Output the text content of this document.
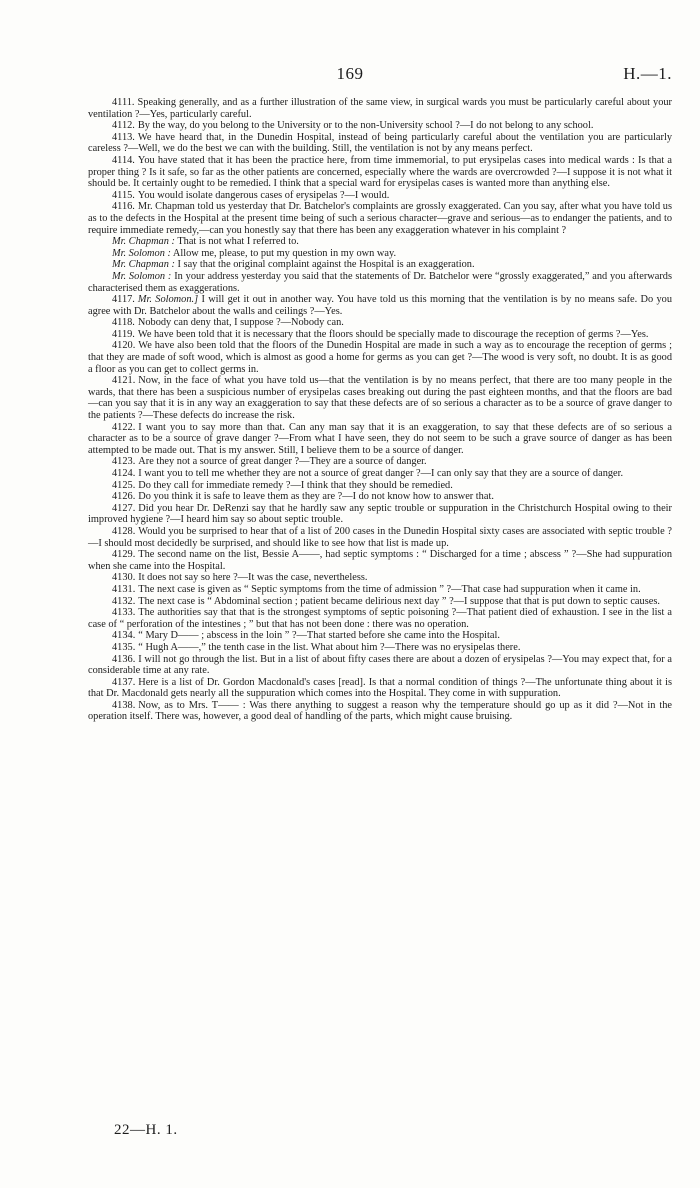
169	H.—1.

4111. Speaking generally, and as a further illustration of the same view, in surgical wards you must be particularly careful about your ventilation ?—Yes, particularly careful.

4112. By the way, do you belong to the University or to the non-University school ?—I do not belong to any school.

4113. We have heard that, in the Dunedin Hospital, instead of being particularly careful about the ventilation you are particularly careless ?—Well, we do the best we can with the building. Still, the ventilation is not by any means perfect.

4114. You have stated that it has been the practice here, from time immemorial, to put erysipelas cases into medical wards : Is that a proper thing ? Is it safe, so far as the other patients are concerned, especially where the wards are overcrowded ?—I suppose it is not what it should be. It certainly ought to be remedied. I think that a special ward for erysipelas cases is wanted more than anything else.

4115. You would isolate dangerous cases of erysipelas ?—I would.

4116. Mr. Chapman told us yesterday that Dr. Batchelor's complaints are grossly exaggerated. Can you say, after what you have told us as to the defects in the Hospital at the present time being of such a serious character—grave and serious—as to endanger the patients, and to require immediate remedy,—can you honestly say that there has been any exaggeration whatever in his complaint ?

Mr. Chapman : That is not what I referred to.

Mr. Solomon : Allow me, please, to put my question in my own way.

Mr. Chapman : I say that the original complaint against the Hospital is an exaggeration.

Mr. Solomon : In your address yesterday you said that the statements of Dr. Batchelor were “grossly exaggerated,” and you afterwards characterised them as exaggerations.

4117. Mr. Solomon.] I will get it out in another way. You have told us this morning that the ventilation is by no means safe. Do you agree with Dr. Batchelor about the walls and ceilings ?—Yes.

4118. Nobody can deny that, I suppose ?—Nobody can.

4119. We have been told that it is necessary that the floors should be specially made to discourage the reception of germs ?—Yes.

4120. We have also been told that the floors of the Dunedin Hospital are made in such a way as to encourage the reception of germs ; that they are made of soft wood, which is almost as good a home for germs as you can get ?—The wood is very soft, no doubt. It is as good a floor as you can get to collect germs in.

4121. Now, in the face of what you have told us—that the ventilation is by no means perfect, that there are too many people in the wards, that there has been a suspicious number of erysipelas cases breaking out during the past eighteen months, and that the floors are bad—can you say that it is in any way an exaggeration to say that these defects are of so serious a character as to be a source of grave danger to the patients ?—These defects do increase the risk.

4122. I want you to say more than that. Can any man say that it is an exaggeration, to say that these defects are of so serious a character as to be a source of grave danger ?—From what I have seen, they do not seem to be such a grave source of danger as has been attempted to be made out. That is my answer. Still, I believe them to be a source of danger.

4123. Are they not a source of great danger ?—They are a source of danger.

4124. I want you to tell me whether they are not a source of great danger ?—I can only say that they are a source of danger.

4125. Do they call for immediate remedy ?—I think that they should be remedied.

4126. Do you think it is safe to leave them as they are ?—I do not know how to answer that.

4127. Did you hear Dr. DeRenzi say that he hardly saw any septic trouble or suppuration in the Christchurch Hospital owing to their improved hygiene ?—I heard him say so about septic trouble.

4128. Would you be surprised to hear that of a list of 200 cases in the Dunedin Hospital sixty cases are associated with septic trouble ?—I should most decidedly be surprised, and should like to see how that list is made up.

4129. The second name on the list, Bessie A——, had septic symptoms : “ Discharged for a time ; abscess ” ?—She had suppuration when she came into the Hospital.

4130. It does not say so here ?—It was the case, nevertheless.

4131. The next case is given as “ Septic symptoms from the time of admission ” ?—That case had suppuration when it came in.

4132. The next case is “ Abdominal section ; patient became delirious next day ” ?—I suppose that that is put down to septic causes.

4133. The authorities say that that is the strongest symptoms of septic poisoning ?—That patient died of exhaustion. I see in the list a case of “ perforation of the intestines ; ” but that has not been done : there was no operation.

4134. “ Mary D—— ; abscess in the loin ” ?—That started before she came into the Hospital.

4135. “ Hugh A——,” the tenth case in the list. What about him ?—There was no erysipelas there.

4136. I will not go through the list. But in a list of about fifty cases there are about a dozen of erysipelas ?—You may expect that, for a considerable time at any rate.

4137. Here is a list of Dr. Gordon Macdonald's cases [read]. Is that a normal condition of things ?—The unfortunate thing about it is that Dr. Macdonald gets nearly all the suppuration which comes into the Hospital. They come in with suppuration.

4138. Now, as to Mrs. T—— : Was there anything to suggest a reason why the temperature should go up as it did ?—Not in the operation itself. There was, however, a good deal of handling of the parts, which might cause bruising.

22—H. 1.
